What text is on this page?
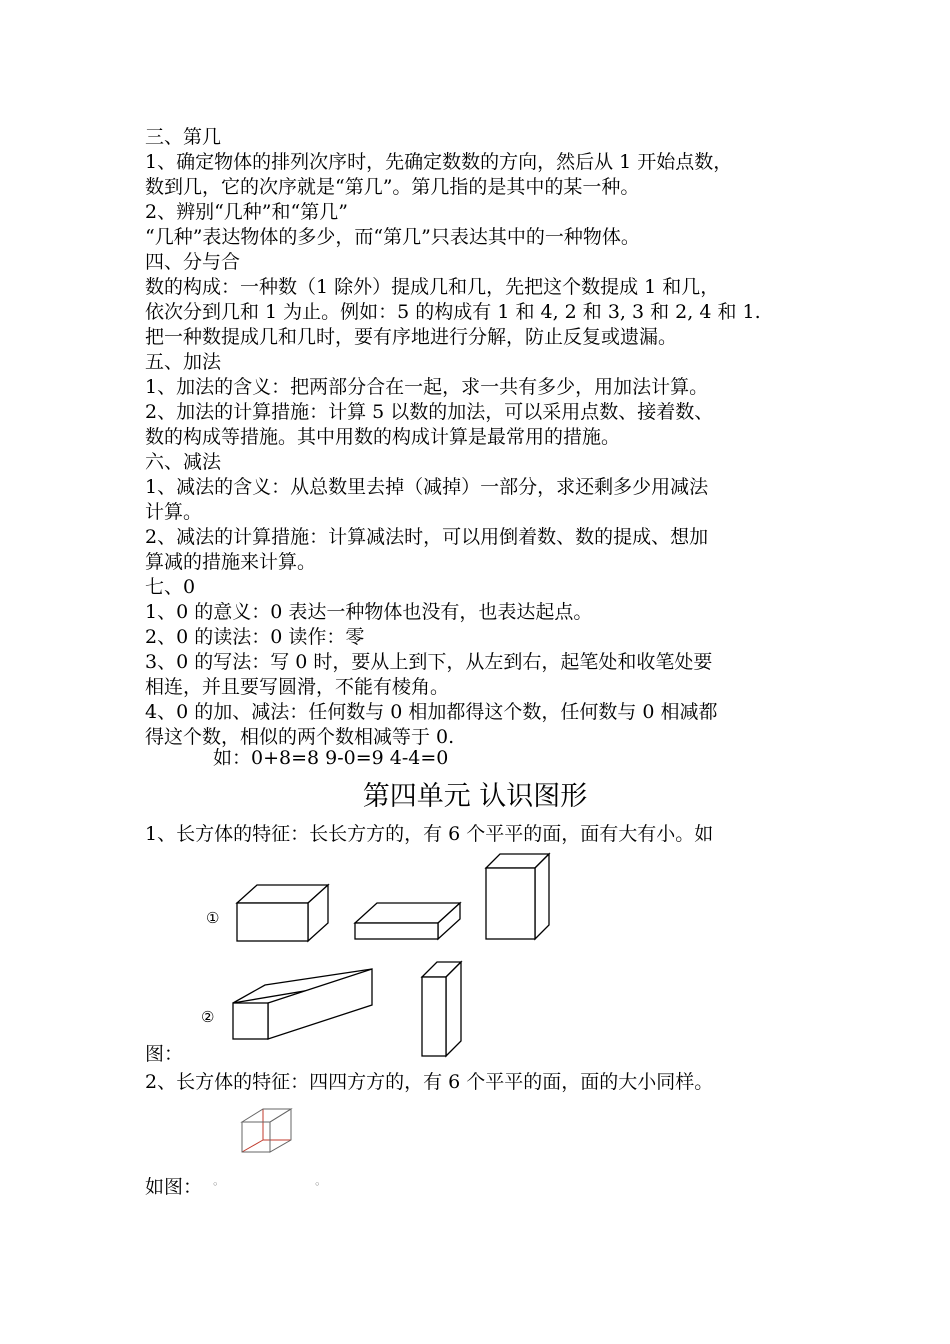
三、第几
1、确定物体的排列次序时，先确定数数的方向，然后从 1 开始点数，
数到几，它的次序就是“第几”。第几指的是其中的某一种。
2、辨别“几种”和“第几”
“几种”表达物体的多少，而“第几”只表达其中的一种物体。
四、分与合
数的构成：一种数（1 除外）提成几和几，先把这个数提成 1 和几，
依次分到几和 1 为止。例如：5 的构成有 1 和 4, 2 和 3, 3 和 2, 4 和 1.
把一种数提成几和几时，要有序地进行分解，防止反复或遗漏。
五、加法
1、加法的含义：把两部分合在一起，求一共有多少，用加法计算。
2、加法的计算措施：计算 5 以数的加法，可以采用点数、接着数、
数的构成等措施。其中用数的构成计算是最常用的措施。
六、减法
1、减法的含义：从总数里去掉（减掉）一部分，求还剩多少用减法
计算。
2、减法的计算措施：计算减法时，可以用倒着数、数的提成、想加
算减的措施来计算。
七、0
1、0 的意义：0 表达一种物体也没有，也表达起点。
2、0 的读法：0 读作：零
3、0 的写法：写 0 时，要从上到下，从左到右，起笔处和收笔处要
相连，并且要写圆滑，不能有棱角。
4、0 的加、减法：任何数与 0 相加都得这个数，任何数与 0 相减都
得这个数，相似的两个数相减等于 0.
如：0+8=8 9-0=9 4-4=0
第四单元 认识图形
1、长方体的特征：长长方方的，有 6 个平平的面，面有大有小。如
①
②
图：
2、长方体的特征：四四方方的，有 6 个平平的面，面的大小同样。
如图： ◦	◦
